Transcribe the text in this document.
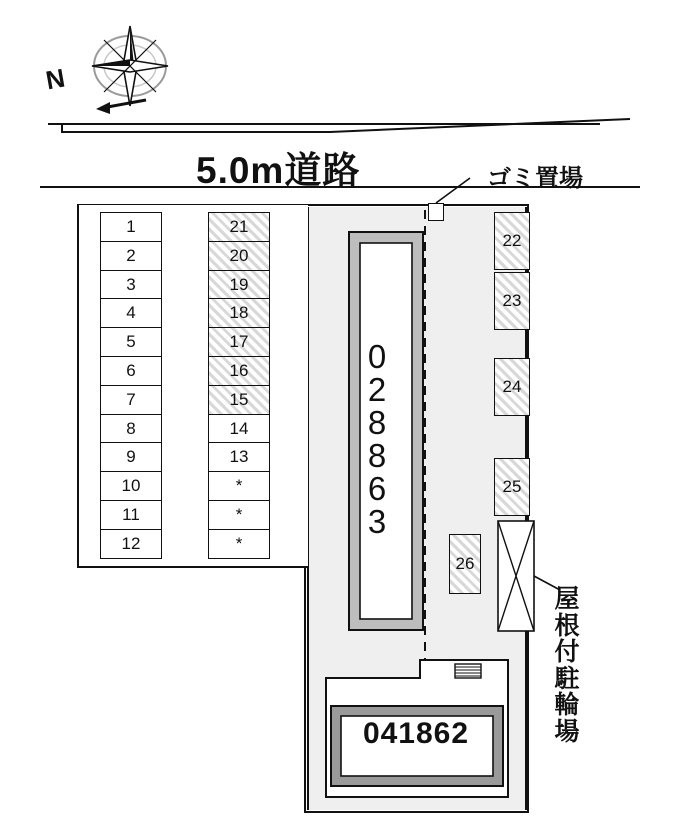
N
5.0m道路	ゴミ置場
屋
根
付
駐
輪
場
0
2
8
8
6
3
041862
1
2
3
4
5
6
7
8
9
10
11
12
21
20
19
18
17
16
15
14
13
*
*
*
22
23
24
25
26
